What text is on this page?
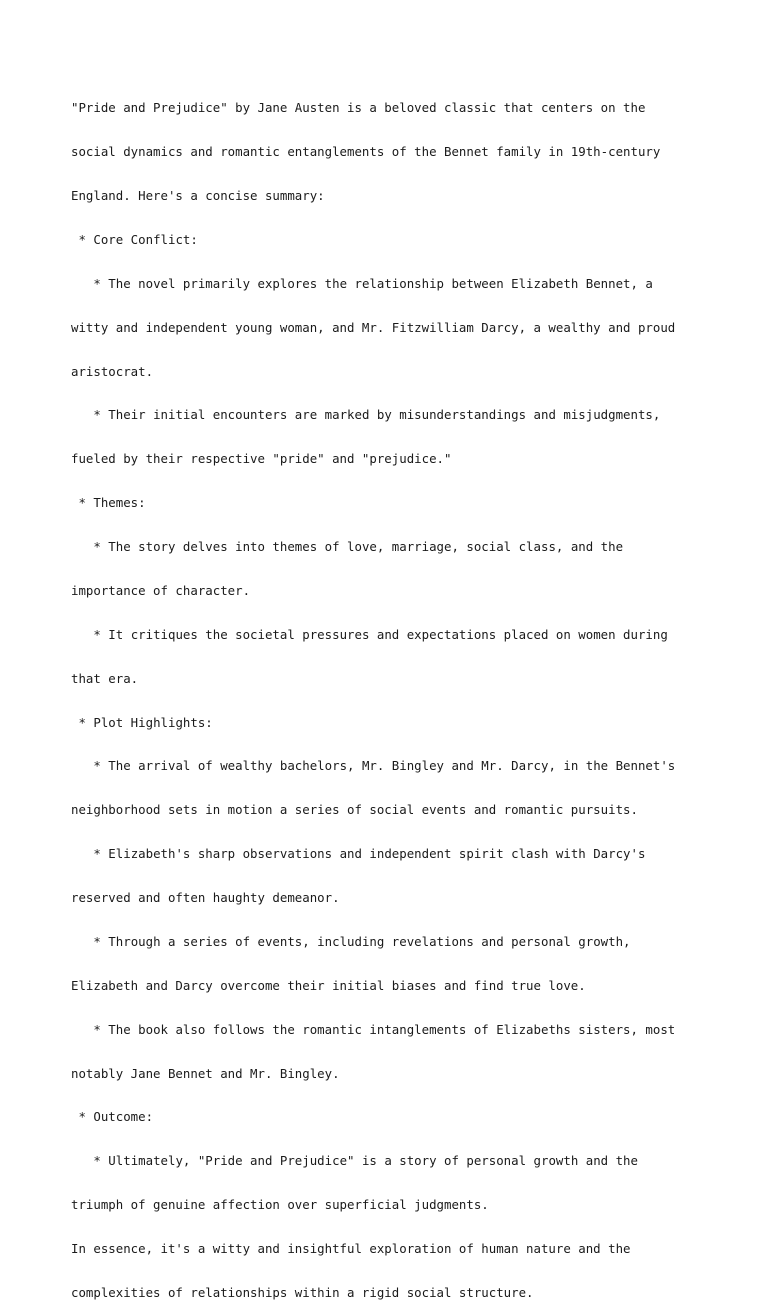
"Pride and Prejudice" by Jane Austen is a beloved classic that centers on the

social dynamics and romantic entanglements of the Bennet family in 19th-century

England. Here's a concise summary:

* Core Conflict:

* The novel primarily explores the relationship between Elizabeth Bennet, a

witty and independent young woman, and Mr. Fitzwilliam Darcy, a wealthy and proud

aristocrat.

* Their initial encounters are marked by misunderstandings and misjudgments,

fueled by their respective "pride" and "prejudice."

* Themes:

* The story delves into themes of love, marriage, social class, and the

importance of character.

* It critiques the societal pressures and expectations placed on women during

that era.

* Plot Highlights:

* The arrival of wealthy bachelors, Mr. Bingley and Mr. Darcy, in the Bennet's

neighborhood sets in motion a series of social events and romantic pursuits.

* Elizabeth's sharp observations and independent spirit clash with Darcy's

reserved and often haughty demeanor.

* Through a series of events, including revelations and personal growth,

Elizabeth and Darcy overcome their initial biases and find true love.

* The book also follows the romantic intanglements of Elizabeths sisters, most

notably Jane Bennet and Mr. Bingley.

* Outcome:

* Ultimately, "Pride and Prejudice" is a story of personal growth and the

triumph of genuine affection over superficial judgments.

In essence, it's a witty and insightful exploration of human nature and the

complexities of relationships within a rigid social structure.
